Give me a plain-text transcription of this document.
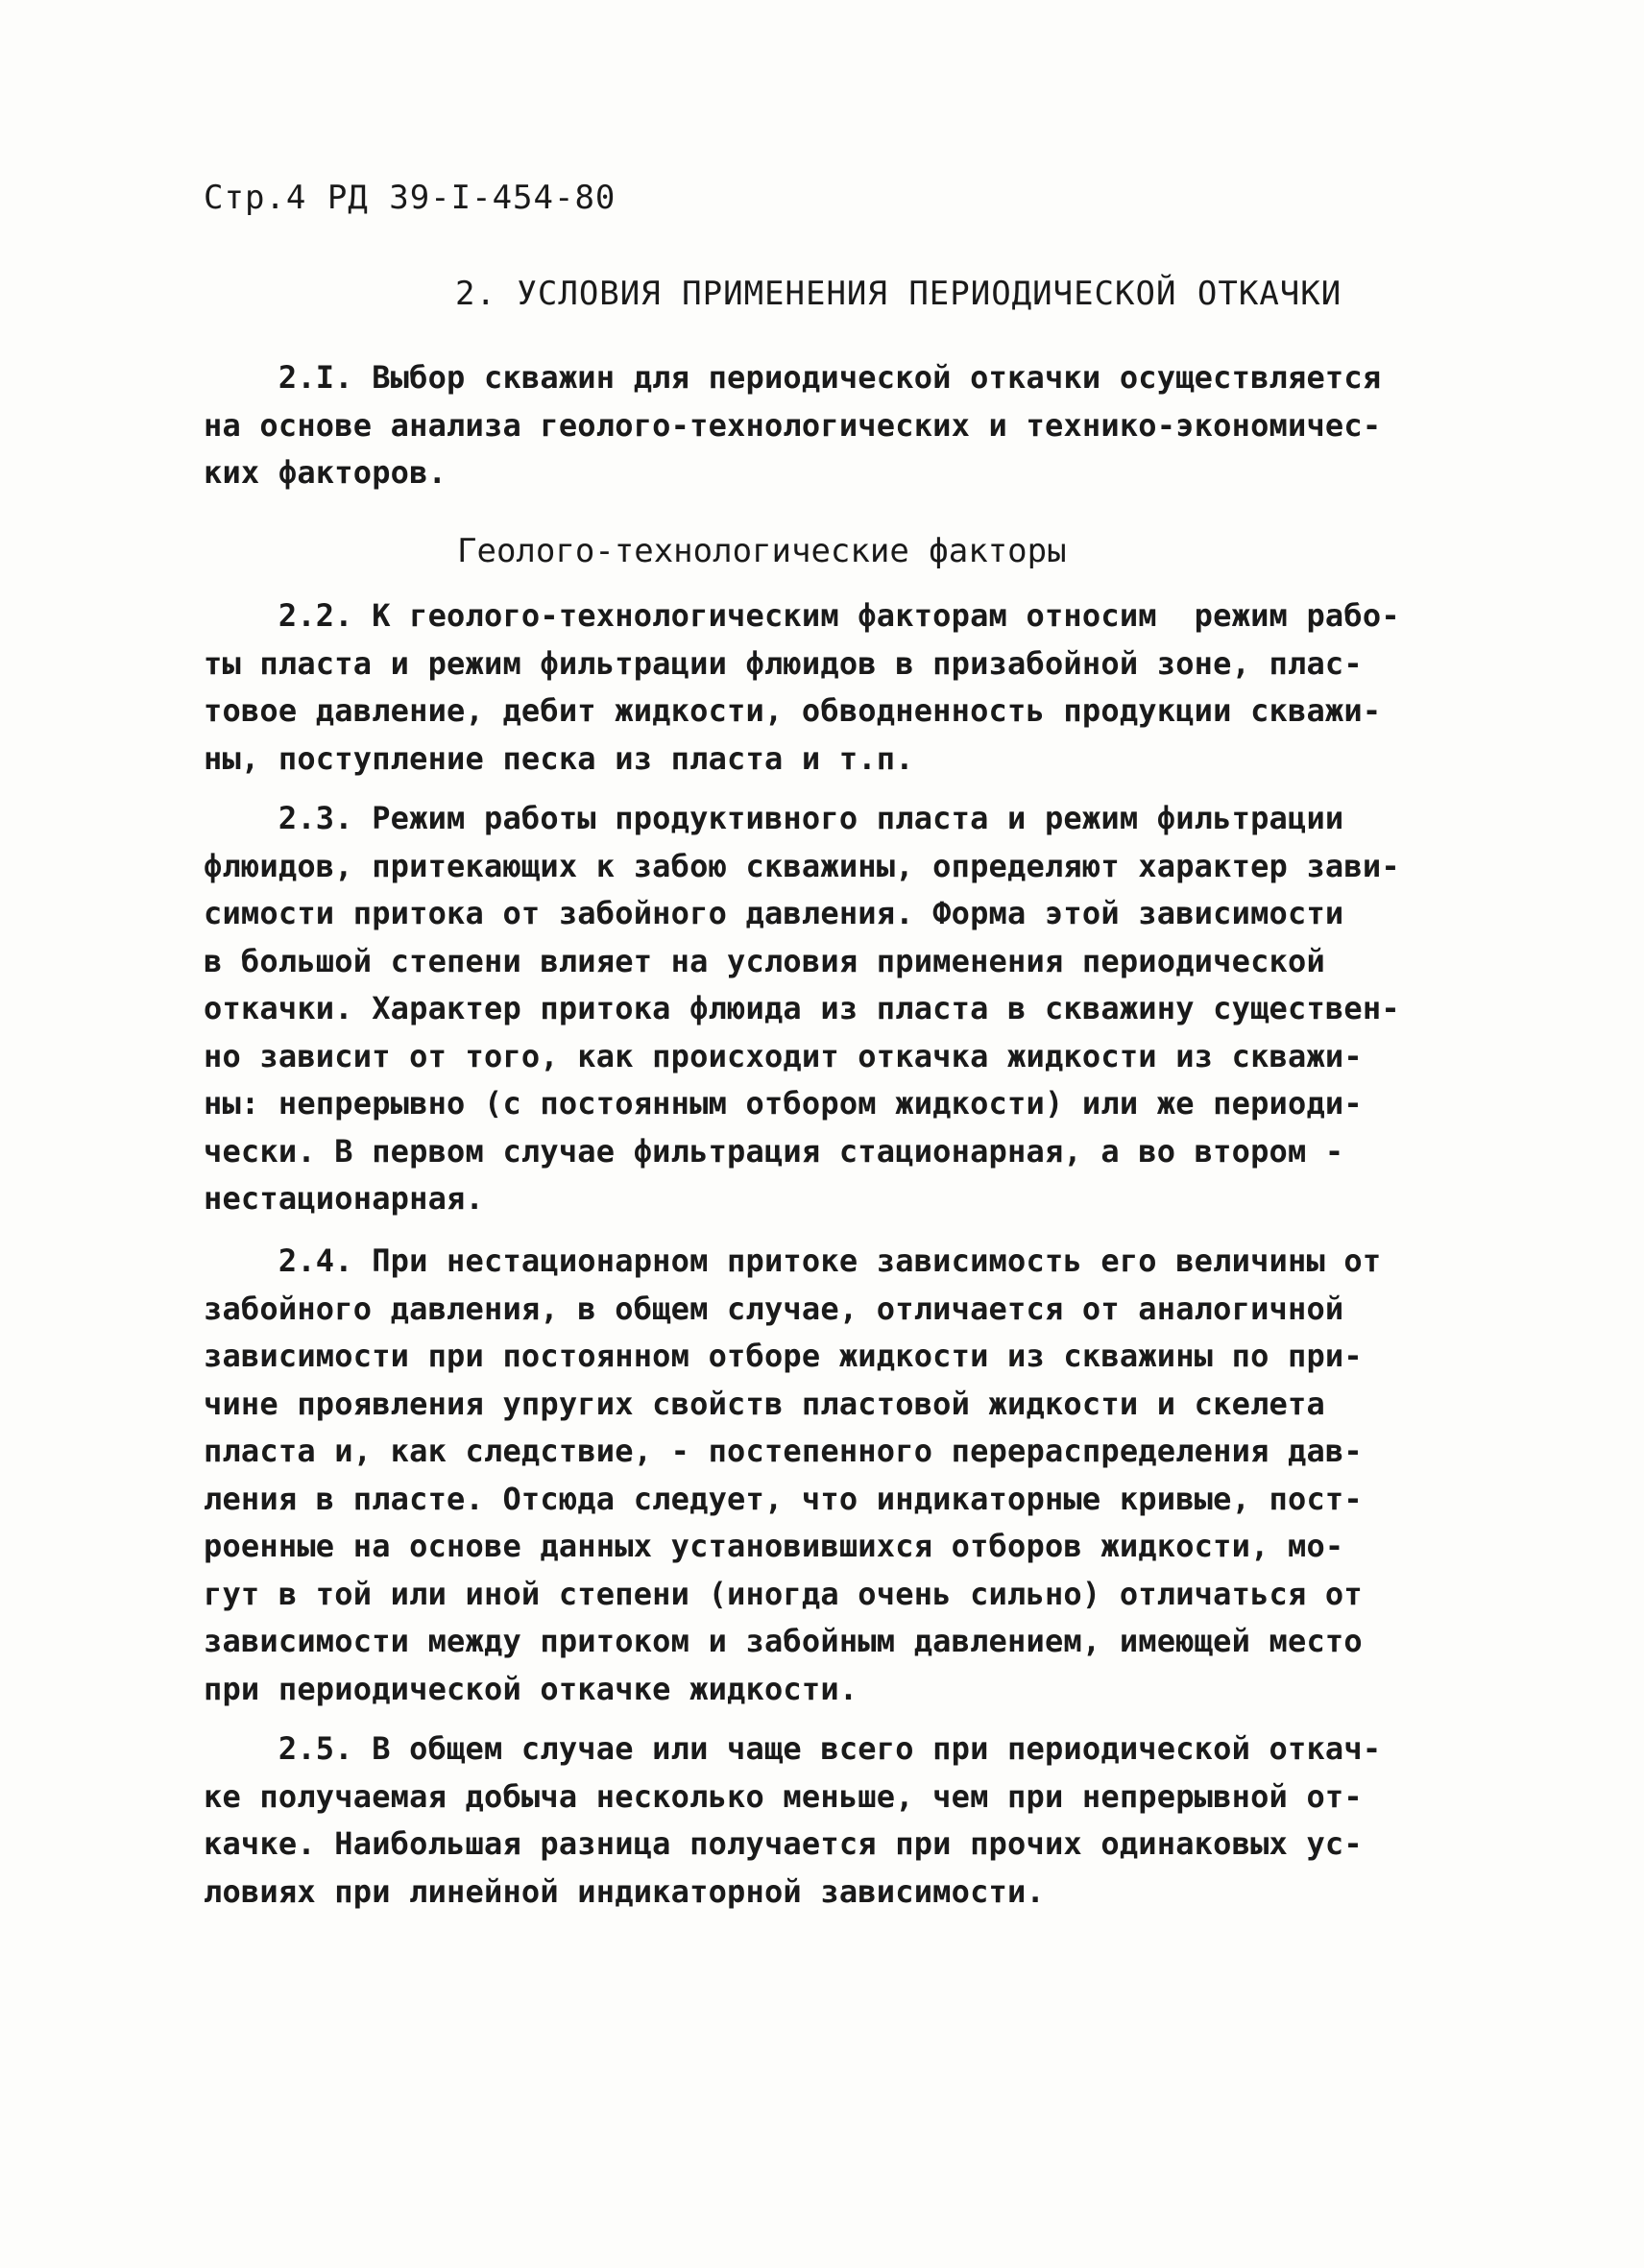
Стр.4 РД 39-I-454-80
2. УСЛОВИЯ ПРИМЕНЕНИЯ ПЕРИОДИЧЕСКОЙ ОТКАЧКИ
2.I. Выбор скважин для периодической откачки осуществляется
на основе анализа геолого-технологических и технико-экономичес-
ких факторов.
Геолого-технологические факторы
2.2. К геолого-технологическим факторам относим  режим рабо-
ты пласта и режим фильтрации флюидов в призабойной зоне, плас-
товое давление, дебит жидкости, обводненность продукции скважи-
ны, поступление песка из пласта и т.п.
2.3. Режим работы продуктивного пласта и режим фильтрации
флюидов, притекающих к забою скважины, определяют характер зави-
симости притока от забойного давления. Форма этой зависимости
в большой степени влияет на условия применения периодической
откачки. Характер притока флюида из пласта в скважину существен-
но зависит от того, как происходит откачка жидкости из скважи-
ны: непрерывно (с постоянным отбором жидкости) или же периоди-
чески. В первом случае фильтрация стационарная, а во втором -
нестационарная.
2.4. При нестационарном притоке зависимость его величины от
забойного давления, в общем случае, отличается от аналогичной
зависимости при постоянном отборе жидкости из скважины по при-
чине проявления упругих свойств пластовой жидкости и скелета
пласта и, как следствие, - постепенного перераспределения дав-
ления в пласте. Отсюда следует, что индикаторные кривые, пост-
роенные на основе данных установившихся отборов жидкости, мо-
гут в той или иной степени (иногда очень сильно) отличаться от
зависимости между притоком и забойным давлением, имеющей место
при периодической откачке жидкости.
2.5. В общем случае или чаще всего при периодической откач-
ке получаемая добыча несколько меньше, чем при непрерывной от-
качке. Наибольшая разница получается при прочих одинаковых ус-
ловиях при линейной индикаторной зависимости.
